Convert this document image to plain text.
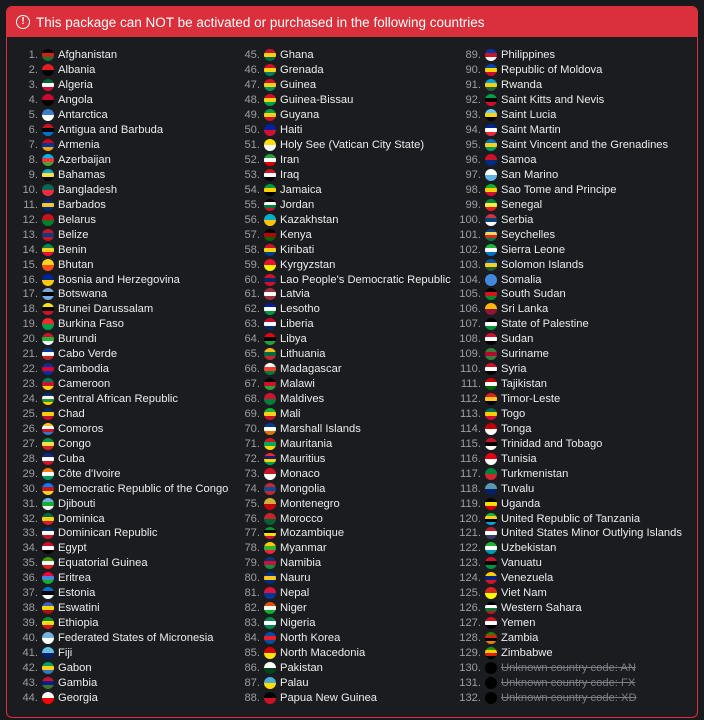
! This package can NOT be activated or purchased in the following countries
1.	Afghanistan
2.	Albania
3.	Algeria
4.	Angola
5.	Antarctica
6.	Antigua and Barbuda
7.	Armenia
8.	Azerbaijan
9.	Bahamas
10.	Bangladesh
11.	Barbados
12.	Belarus
13.	Belize
14.	Benin
15.	Bhutan
16.	Bosnia and Herzegovina
17.	Botswana
18.	Brunei Darussalam
19.	Burkina Faso
20.	Burundi
21.	Cabo Verde
22.	Cambodia
23.	Cameroon
24.	Central African Republic
25.	Chad
26.	Comoros
27.	Congo
28.	Cuba
29.	Côte d'Ivoire
30.	Democratic Republic of the Congo
31.	Djibouti
32.	Dominica
33.	Dominican Republic
34.	Egypt
35.	Equatorial Guinea
36.	Eritrea
37.	Estonia
38.	Eswatini
39.	Ethiopia
40.	Federated States of Micronesia
41.	Fiji
42.	Gabon
43.	Gambia
44.	Georgia
45.	Ghana
46.	Grenada
47.	Guinea
48.	Guinea-Bissau
49.	Guyana
50.	Haiti
51.	Holy See (Vatican City State)
52.	Iran
53.	Iraq
54.	Jamaica
55.	Jordan
56.	Kazakhstan
57.	Kenya
58.	Kiribati
59.	Kyrgyzstan
60.	Lao People's Democratic Republic
61.	Latvia
62.	Lesotho
63.	Liberia
64.	Libya
65.	Lithuania
66.	Madagascar
67.	Malawi
68.	Maldives
69.	Mali
70.	Marshall Islands
71.	Mauritania
72.	Mauritius
73.	Monaco
74.	Mongolia
75.	Montenegro
76.	Morocco
77.	Mozambique
78.	Myanmar
79.	Namibia
80.	Nauru
81.	Nepal
82.	Niger
83.	Nigeria
84.	North Korea
85.	North Macedonia
86.	Pakistan
87.	Palau
88.	Papua New Guinea
89.	Philippines
90.	Republic of Moldova
91.	Rwanda
92.	Saint Kitts and Nevis
93.	Saint Lucia
94.	Saint Martin
95.	Saint Vincent and the Grenadines
96.	Samoa
97.	San Marino
98.	Sao Tome and Principe
99.	Senegal
100.	Serbia
101.	Seychelles
102.	Sierra Leone
103.	Solomon Islands
104.	Somalia
105.	South Sudan
106.	Sri Lanka
107.	State of Palestine
108.	Sudan
109.	Suriname
110.	Syria
111.	Tajikistan
112.	Timor-Leste
113.	Togo
114.	Tonga
115.	Trinidad and Tobago
116.	Tunisia
117.	Turkmenistan
118.	Tuvalu
119.	Uganda
120.	United Republic of Tanzania
121.	United States Minor Outlying Islands
122.	Uzbekistan
123.	Vanuatu
124.	Venezuela
125.	Viet Nam
126.	Western Sahara
127.	Yemen
128.	Zambia
129.	Zimbabwe
130.	Unknown country code: AN
131.	Unknown country code: FX
132.	Unknown country code: XD
